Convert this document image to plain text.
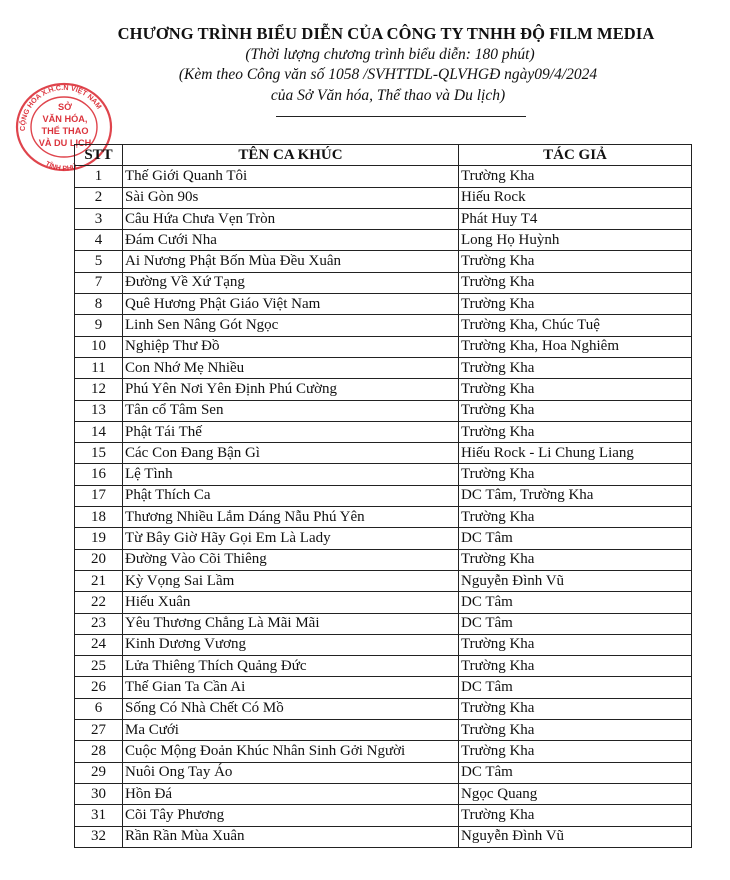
CHƯƠNG TRÌNH BIỂU DIỄN CỦA CÔNG TY TNHH ĐỘ FILM MEDIA
(Thời lượng chương trình biểu diễn: 180 phút)
(Kèm theo Công văn số 1058 /SVHTTDL-QLVHGĐ ngày09/4/2024
của Sở Văn hóa, Thể thao và Du lịch)
CỘNG HÒA X.H.C.N VIỆT NAM
TỈNH PHÚ
SỞ
VĂN HÓA,
THỂ THAO
VÀ DU LỊCH
STT	TÊN CA KHÚC	TÁC GIẢ
1	Thế Giới Quanh Tôi	Trường Kha
2	Sài Gòn 90s	Hiếu Rock
3	Câu Hứa Chưa Vẹn Tròn	Phát Huy T4
4	Đám Cưới Nha	Long Họ Huỳnh
5	Ai Nương Phật Bốn Mùa Đều Xuân	Trường Kha
7	Đường Về Xứ Tạng	Trường Kha
8	Quê Hương Phật Giáo Việt Nam	Trường Kha
9	Linh Sen Nâng Gót Ngọc	Trường Kha, Chúc Tuệ
10	Nghiệp Thư Đồ	Trường Kha, Hoa Nghiêm
11	Con Nhớ Mẹ Nhiều	Trường Kha
12	Phú Yên Nơi Yên Định Phú Cường	Trường Kha
13	Tân cổ Tâm Sen	Trường Kha
14	Phật Tái Thế	Trường Kha
15	Các Con Đang Bận Gì	Hiếu Rock - Li Chung Liang
16	Lệ Tình	Trường Kha
17	Phật Thích Ca	DC Tâm, Trường Kha
18	Thương Nhiều Lắm Dáng Nẫu Phú Yên	Trường Kha
19	Từ Bây Giờ Hãy Gọi Em Là Lady	DC Tâm
20	Đường Vào Cõi Thiêng	Trường Kha
21	Kỳ Vọng Sai Lầm	Nguyễn Đình Vũ
22	Hiếu Xuân	DC Tâm
23	Yêu Thương Chẳng Là Mãi Mãi	DC Tâm
24	Kinh Dương Vương	Trường Kha
25	Lửa Thiêng Thích Quảng Đức	Trường Kha
26	Thế Gian Ta Cần Ai	DC Tâm
6	Sống Có Nhà Chết Có Mồ	Trường Kha
27	Ma Cưới	Trường Kha
28	Cuộc Mộng Đoản Khúc Nhân Sinh Gởi Người	Trường Kha
29	Nuôi Ong Tay Áo	DC Tâm
30	Hồn Đá	Ngọc Quang
31	Cõi Tây Phương	Trường Kha
32	Rần Rần Mùa Xuân	Nguyễn Đình Vũ
